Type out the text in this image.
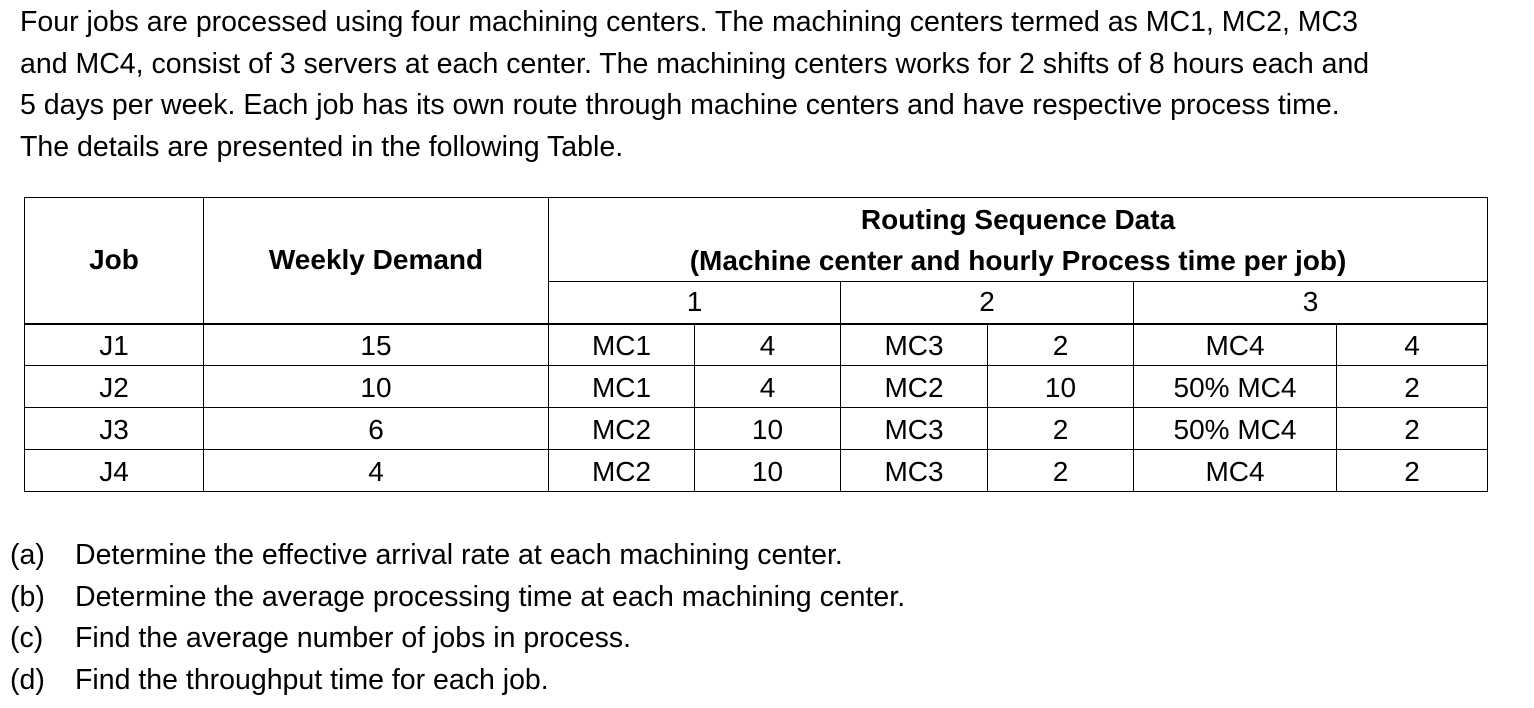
Four jobs are processed using four machining centers. The machining centers termed as MC1, MC2, MC3
and MC4, consist of 3 servers at each center. The machining centers works for 2 shifts of 8 hours each and
5 days per week. Each job has its own route through machine centers and have respective process time.
The details are presented in the following Table.
Job	Weekly Demand	Routing Sequence Data
(Machine center and hourly Process time per job)					

		1		2		3	
J1	15	MC1	4	MC3	2	MC4	4
J2	10	MC1	4	MC2	10	50% MC4	2
J3	6	MC2	10	MC3	2	50% MC4	2
J4	4	MC2	10	MC3	2	MC4	2
(a)	Determine the effective arrival rate at each machining center.
(b)	Determine the average processing time at each machining center.
(c)	Find the average number of jobs in process.
(d)	Find the throughput time for each job.
